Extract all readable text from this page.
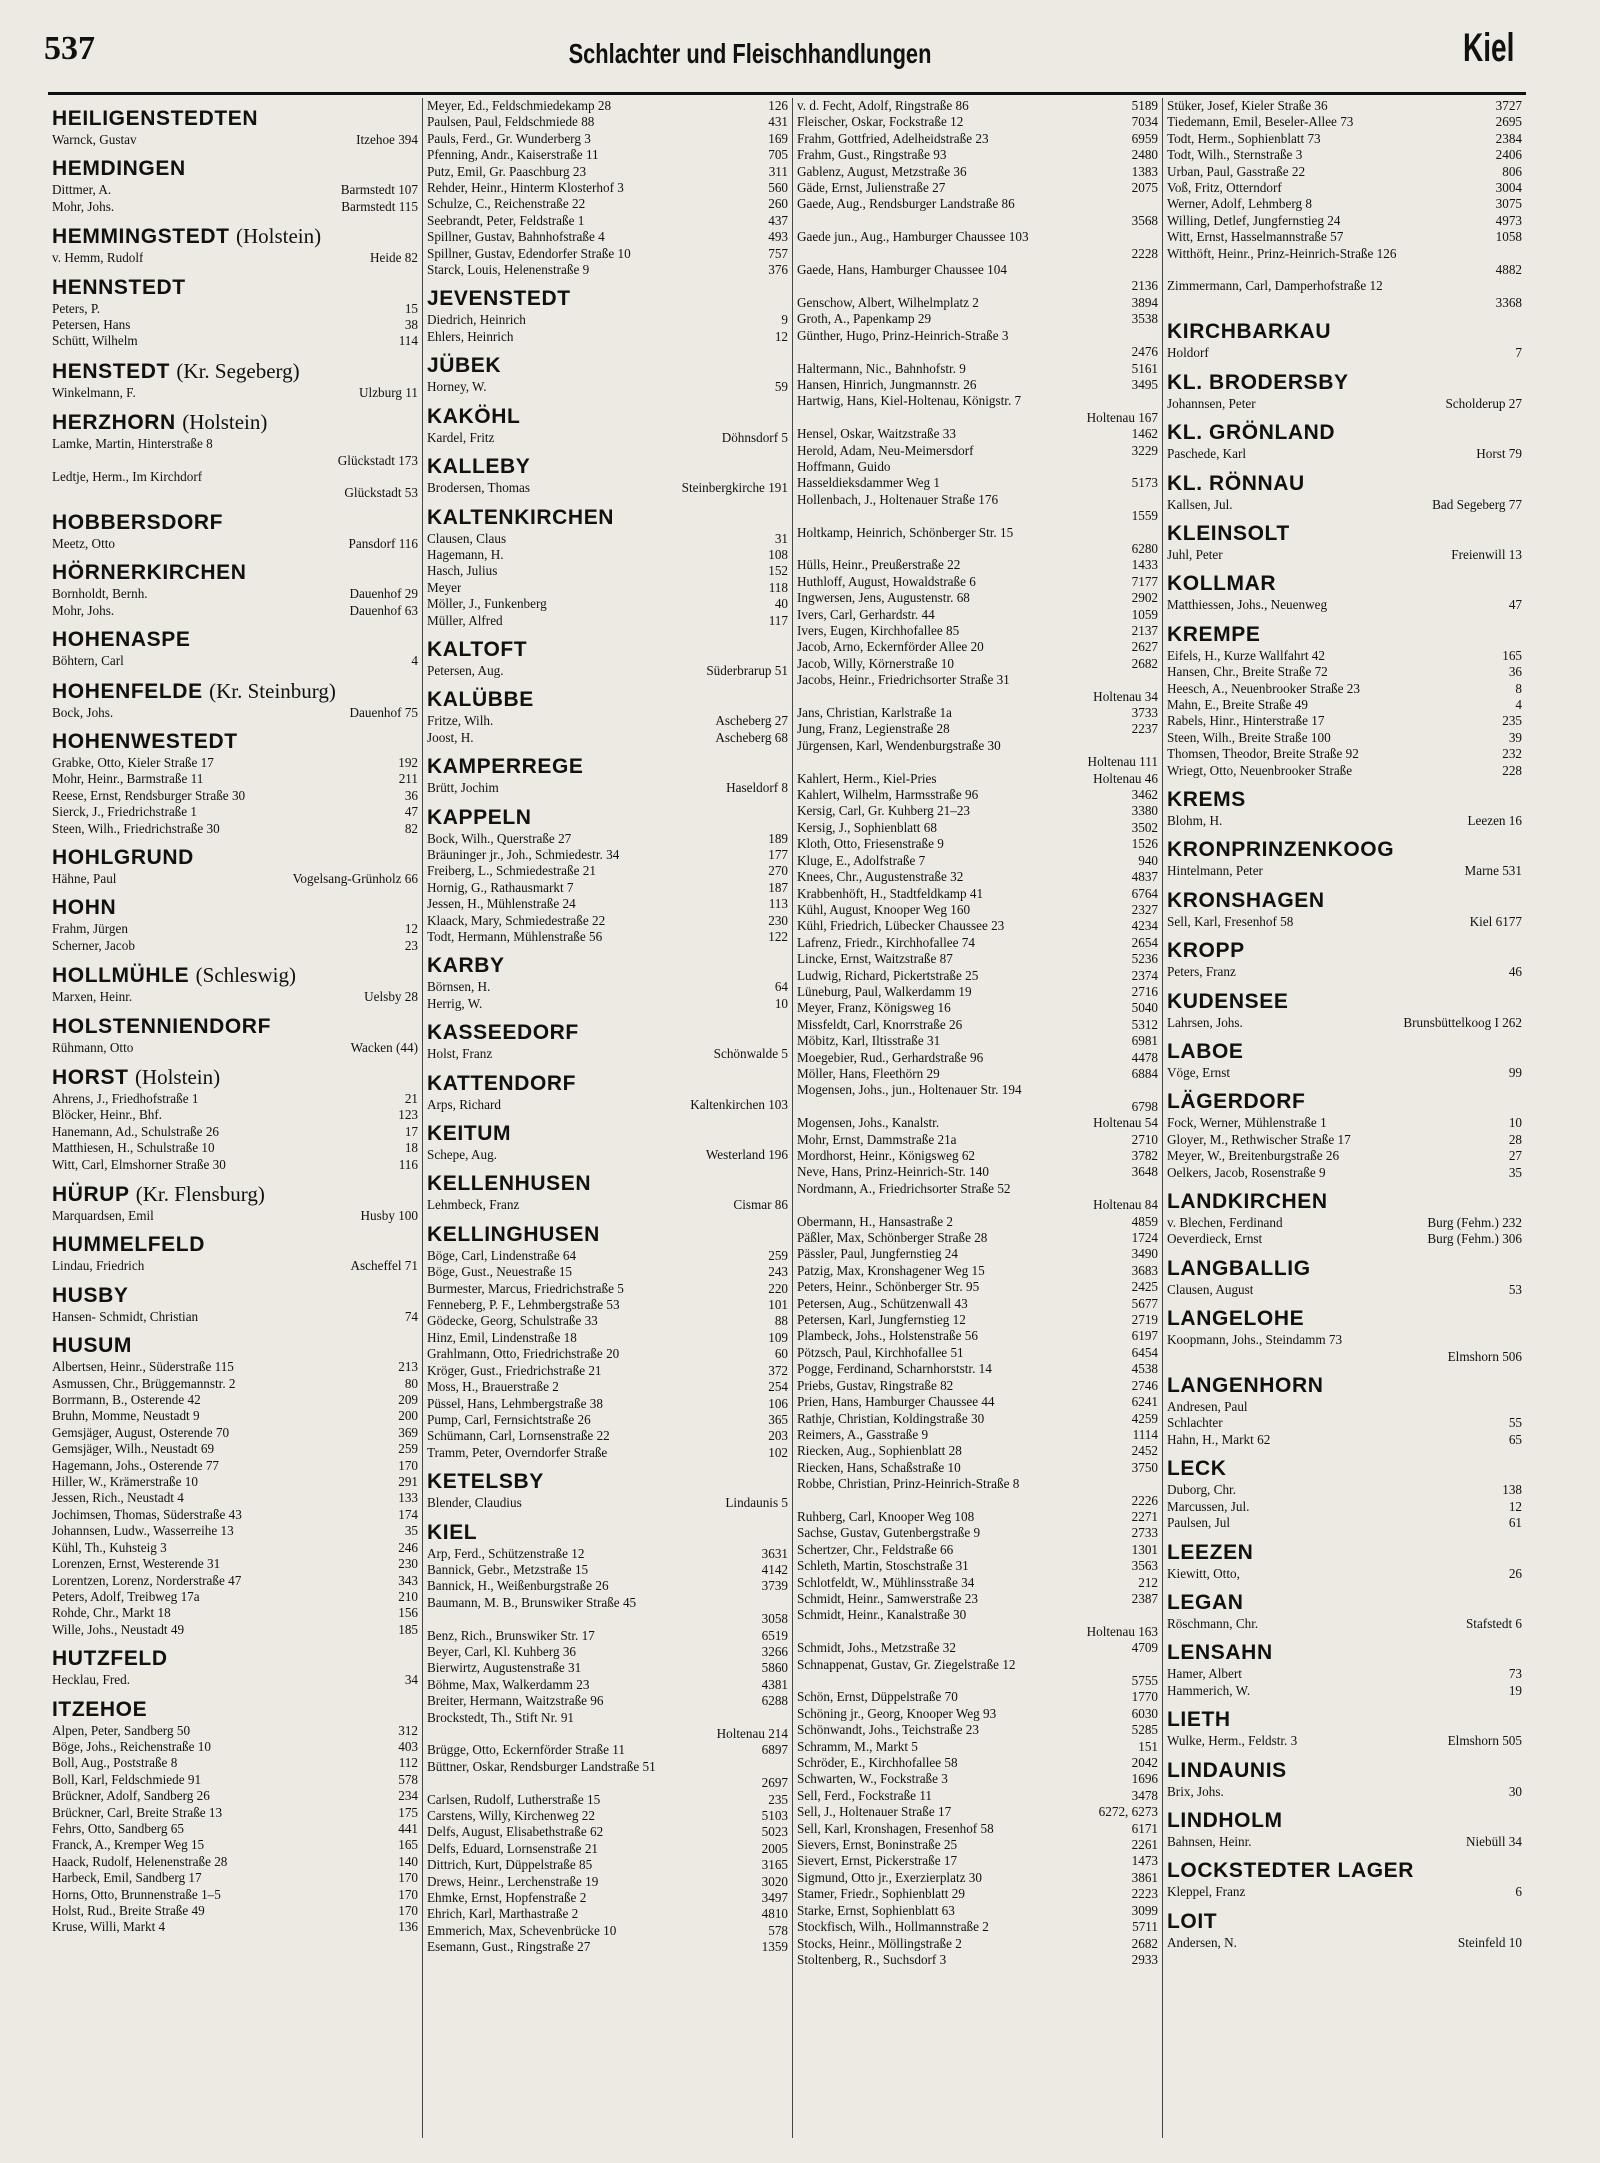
537	Schlachter und Fleischhandlungen	Kiel
HEILIGENSTEDTEN
Warnck, Gustav	Itzehoe 394
HEMDINGEN
Dittmer, A.	Barmstedt 107
Mohr, Johs.	Barmstedt 115
HEMMINGSTEDT (Holstein)
v. Hemm, Rudolf	Heide 82
HENNSTEDT
Peters, P.	15
Petersen, Hans	38
Schütt, Wilhelm	114
HENSTEDT (Kr. Segeberg)
Winkelmann, F.	Ulzburg 11
HERZHORN (Holstein)
Lamke, Martin, Hinterstraße 8
Glückstadt 173
Ledtje, Herm., Im Kirchdorf
Glückstadt 53
HOBBERSDORF
Meetz, Otto	Pansdorf 116
HÖRNERKIRCHEN
Bornholdt, Bernh.	Dauenhof 29
Mohr, Johs.	Dauenhof 63
HOHENASPE
Böhtern, Carl	4
HOHENFELDE (Kr. Steinburg)
Bock, Johs.	Dauenhof 75
HOHENWESTEDT
Grabke, Otto, Kieler Straße 17	192
Mohr, Heinr., Barmstraße 11	211
Reese, Ernst, Rendsburger Straße 30	36
Sierck, J., Friedrichstraße 1	47
Steen, Wilh., Friedrichstraße 30	82
HOHLGRUND
Hähne, Paul	Vogelsang-Grünholz 66
HOHN
Frahm, Jürgen	12
Scherner, Jacob	23
HOLLMÜHLE (Schleswig)
Marxen, Heinr.	Uelsby 28
HOLSTENNIENDORF
Rühmann, Otto	Wacken (44)
HORST (Holstein)
Ahrens, J., Friedhofstraße 1	21
Blöcker, Heinr., Bhf.	123
Hanemann, Ad., Schulstraße 26	17
Matthiesen, H., Schulstraße 10	18
Witt, Carl, Elmshorner Straße 30	116
HÜRUP (Kr. Flensburg)
Marquardsen, Emil	Husby 100
HUMMELFELD
Lindau, Friedrich	Ascheffel 71
HUSBY
Hansen- Schmidt, Christian	74
HUSUM
Albertsen, Heinr., Süderstraße 115	213
Asmussen, Chr., Brüggemannstr. 2	80
Borrmann, B., Osterende 42	209
Bruhn, Momme, Neustadt 9	200
Gemsjäger, August, Osterende 70	369
Gemsjäger, Wilh., Neustadt 69	259
Hagemann, Johs., Osterende 77	170
Hiller, W., Krämerstraße 10	291
Jessen, Rich., Neustadt 4	133
Jochimsen, Thomas, Süderstraße 43	174
Johannsen, Ludw., Wasserreihe 13	35
Kühl, Th., Kuhsteig 3	246
Lorenzen, Ernst, Westerende 31	230
Lorentzen, Lorenz, Norderstraße 47	343
Peters, Adolf, Treibweg 17a	210
Rohde, Chr., Markt 18	156
Wille, Johs., Neustadt 49	185
HUTZFELD
Hecklau, Fred.	34
ITZEHOE
Alpen, Peter, Sandberg 50	312
Böge, Johs., Reichenstraße 10	403
Boll, Aug., Poststraße 8	112
Boll, Karl, Feldschmiede 91	578
Brückner, Adolf, Sandberg 26	234
Brückner, Carl, Breite Straße 13	175
Fehrs, Otto, Sandberg 65	441
Franck, A., Kremper Weg 15	165
Haack, Rudolf, Helenenstraße 28	140
Harbeck, Emil, Sandberg 17	170
Horns, Otto, Brunnenstraße 1–5	170
Holst, Rud., Breite Straße 49	170
Kruse, Willi, Markt 4	136
Meyer, Ed., Feldschmiedekamp 28	126
Paulsen, Paul, Feldschmiede 88	431
Pauls, Ferd., Gr. Wunderberg 3	169
Pfenning, Andr., Kaiserstraße 11	705
Putz, Emil, Gr. Paaschburg 23	311
Rehder, Heinr., Hinterm Klosterhof 3	560
Schulze, C., Reichenstraße 22	260
Seebrandt, Peter, Feldstraße 1	437
Spillner, Gustav, Bahnhofstraße 4	493
Spillner, Gustav, Edendorfer Straße 10	757
Starck, Louis, Helenenstraße 9	376
JEVENSTEDT
Diedrich, Heinrich	9
Ehlers, Heinrich	12
JÜBEK
Horney, W.	59
KAKÖHL
Kardel, Fritz	Döhnsdorf 5
KALLEBY
Brodersen, Thomas	Steinbergkirche 191
KALTENKIRCHEN
Clausen, Claus	31
Hagemann, H.	108
Hasch, Julius	152
Meyer	118
Möller, J., Funkenberg	40
Müller, Alfred	117
KALTOFT
Petersen, Aug.	Süderbrarup 51
KALÜBBE
Fritze, Wilh.	Ascheberg 27
Joost, H.	Ascheberg 68
KAMPERREGE
Brütt, Jochim	Haseldorf 8
KAPPELN
Bock, Wilh., Querstraße 27	189
Bräuninger jr., Joh., Schmiedestr. 34	177
Freiberg, L., Schmiedestraße 21	270
Hornig, G., Rathausmarkt 7	187
Jessen, H., Mühlenstraße 24	113
Klaack, Mary, Schmiedestraße 22	230
Todt, Hermann, Mühlenstraße 56	122
KARBY
Börnsen, H.	64
Herrig, W.	10
KASSEEDORF
Holst, Franz	Schönwalde 5
KATTENDORF
Arps, Richard	Kaltenkirchen 103
KEITUM
Schepe, Aug.	Westerland 196
KELLENHUSEN
Lehmbeck, Franz	Cismar 86
KELLINGHUSEN
Böge, Carl, Lindenstraße 64	259
Böge, Gust., Neuestraße 15	243
Burmester, Marcus, Friedrichstraße 5	220
Fenneberg, P. F., Lehmbergstraße 53	101
Gödecke, Georg, Schulstraße 33	88
Hinz, Emil, Lindenstraße 18	109
Grahlmann, Otto, Friedrichstraße 20	60
Kröger, Gust., Friedrichstraße 21	372
Moss, H., Brauerstraße 2	254
Püssel, Hans, Lehmbergstraße 38	106
Pump, Carl, Fernsichtstraße 26	365
Schümann, Carl, Lornsenstraße 22	203
Tramm, Peter, Overndorfer Straße	102
KETELSBY
Blender, Claudius	Lindaunis 5
KIEL
Arp, Ferd., Schützenstraße 12	3631
Bannick, Gebr., Metzstraße 15	4142
Bannick, H., Weißenburgstraße 26	3739
Baumann, M. B., Brunswiker Straße 45
3058
Benz, Rich., Brunswiker Str. 17	6519
Beyer, Carl, Kl. Kuhberg 36	3266
Bierwirtz, Augustenstraße 31	5860
Böhme, Max, Walkerdamm 23	4381
Breiter, Hermann, Waitzstraße 96	6288
Brockstedt, Th., Stift Nr. 91
Holtenau 214
Brügge, Otto, Eckernförder Straße 11	6897
Büttner, Oskar, Rendsburger Landstraße 51
2697
Carlsen, Rudolf, Lutherstraße 15	235
Carstens, Willy, Kirchenweg 22	5103
Delfs, August, Elisabethstraße 62	5023
Delfs, Eduard, Lornsenstraße 21	2005
Dittrich, Kurt, Düppelstraße 85	3165
Drews, Heinr., Lerchenstraße 19	3020
Ehmke, Ernst, Hopfenstraße 2	3497
Ehrich, Karl, Marthastraße 2	4810
Emmerich, Max, Schevenbrücke 10	578
Esemann, Gust., Ringstraße 27	1359
v. d. Fecht, Adolf, Ringstraße 86	5189
Fleischer, Oskar, Fockstraße 12	7034
Frahm, Gottfried, Adelheidstraße 23	6959
Frahm, Gust., Ringstraße 93	2480
Gablenz, August, Metzstraße 36	1383
Gäde, Ernst, Julienstraße 27	2075
Gaede, Aug., Rendsburger Landstraße 86
3568
Gaede jun., Aug., Hamburger Chaussee 103
2228
Gaede, Hans, Hamburger Chaussee 104
2136
Genschow, Albert, Wilhelmplatz 2	3894
Groth, A., Papenkamp 29	3538
Günther, Hugo, Prinz-Heinrich-Straße 3
2476
Haltermann, Nic., Bahnhofstr. 9	5161
Hansen, Hinrich, Jungmannstr. 26	3495
Hartwig, Hans, Kiel-Holtenau, Königstr. 7
Holtenau 167
Hensel, Oskar, Waitzstraße 33	1462
Herold, Adam, Neu-Meimersdorf	3229
Hoffmann, Guido
Hasseldieksdammer Weg 1	5173
Hollenbach, J., Holtenauer Straße 176
1559
Holtkamp, Heinrich, Schönberger Str. 15
6280
Hülls, Heinr., Preußerstraße 22	1433
Huthloff, August, Howaldstraße 6	7177
Ingwersen, Jens, Augustenstr. 68	2902
Ivers, Carl, Gerhardstr. 44	1059
Ivers, Eugen, Kirchhofallee 85	2137
Jacob, Arno, Eckernförder Allee 20	2627
Jacob, Willy, Körnerstraße 10	2682
Jacobs, Heinr., Friedrichsorter Straße 31
Holtenau 34
Jans, Christian, Karlstraße 1a	3733
Jung, Franz, Legienstraße 28	2237
Jürgensen, Karl, Wendenburgstraße 30
Holtenau 111
Kahlert, Herm., Kiel-Pries	Holtenau 46
Kahlert, Wilhelm, Harmsstraße 96	3462
Kersig, Carl, Gr. Kuhberg 21–23	3380
Kersig, J., Sophienblatt 68	3502
Kloth, Otto, Friesenstraße 9	1526
Kluge, E., Adolfstraße 7	940
Knees, Chr., Augustenstraße 32	4837
Krabbenhöft, H., Stadtfeldkamp 41	6764
Kühl, August, Knooper Weg 160	2327
Kühl, Friedrich, Lübecker Chaussee 23	4234
Lafrenz, Friedr., Kirchhofallee 74	2654
Lincke, Ernst, Waitzstraße 87	5236
Ludwig, Richard, Pickertstraße 25	2374
Lüneburg, Paul, Walkerdamm 19	2716
Meyer, Franz, Königsweg 16	5040
Missfeldt, Carl, Knorrstraße 26	5312
Möbitz, Karl, Iltisstraße 31	6981
Moegebier, Rud., Gerhardstraße 96	4478
Möller, Hans, Fleethörn 29	6884
Mogensen, Johs., jun., Holtenauer Str. 194
6798
Mogensen, Johs., Kanalstr.	Holtenau 54
Mohr, Ernst, Dammstraße 21a	2710
Mordhorst, Heinr., Königsweg 62	3782
Neve, Hans, Prinz-Heinrich-Str. 140	3648
Nordmann, A., Friedrichsorter Straße 52
Holtenau 84
Obermann, H., Hansastraße 2	4859
Päßler, Max, Schönberger Straße 28	1724
Pässler, Paul, Jungfernstieg 24	3490
Patzig, Max, Kronshagener Weg 15	3683
Peters, Heinr., Schönberger Str. 95	2425
Petersen, Aug., Schützenwall 43	5677
Petersen, Karl, Jungfernstieg 12	2719
Plambeck, Johs., Holstenstraße 56	6197
Pötzsch, Paul, Kirchhofallee 51	6454
Pogge, Ferdinand, Scharnhorststr. 14	4538
Priebs, Gustav, Ringstraße 82	2746
Prien, Hans, Hamburger Chaussee 44	6241
Rathje, Christian, Koldingstraße 30	4259
Reimers, A., Gasstraße 9	1114
Riecken, Aug., Sophienblatt 28	2452
Riecken, Hans, Schaßstraße 10	3750
Robbe, Christian, Prinz-Heinrich-Straße 8
2226
Ruhberg, Carl, Knooper Weg 108	2271
Sachse, Gustav, Gutenbergstraße 9	2733
Schertzer, Chr., Feldstraße 66	1301
Schleth, Martin, Stoschstraße 31	3563
Schlotfeldt, W., Mühlinsstraße 34	212
Schmidt, Heinr., Samwerstraße 23	2387
Schmidt, Heinr., Kanalstraße 30
Holtenau 163
Schmidt, Johs., Metzstraße 32	4709
Schnappenat, Gustav, Gr. Ziegelstraße 12
5755
Schön, Ernst, Düppelstraße 70	1770
Schöning jr., Georg, Knooper Weg 93	6030
Schönwandt, Johs., Teichstraße 23	5285
Schramm, M., Markt 5	151
Schröder, E., Kirchhofallee 58	2042
Schwarten, W., Fockstraße 3	1696
Sell, Ferd., Fockstraße 11	3478
Sell, J., Holtenauer Straße 17	6272, 6273
Sell, Karl, Kronshagen, Fresenhof 58	6171
Sievers, Ernst, Boninstraße 25	2261
Sievert, Ernst, Pickerstraße 17	1473
Sigmund, Otto jr., Exerzierplatz 30	3861
Stamer, Friedr., Sophienblatt 29	2223
Starke, Ernst, Sophienblatt 63	3099
Stockfisch, Wilh., Hollmannstraße 2	5711
Stocks, Heinr., Möllingstraße 2	2682
Stoltenberg, R., Suchsdorf 3	2933
Stüker, Josef, Kieler Straße 36	3727
Tiedemann, Emil, Beseler-Allee 73	2695
Todt, Herm., Sophienblatt 73	2384
Todt, Wilh., Sternstraße 3	2406
Urban, Paul, Gasstraße 22	806
Voß, Fritz, Otterndorf	3004
Werner, Adolf, Lehmberg 8	3075
Willing, Detlef, Jungfernstieg 24	4973
Witt, Ernst, Hasselmannstraße 57	1058
Witthöft, Heinr., Prinz-Heinrich-Straße 126
4882
Zimmermann, Carl, Damperhofstraße 12
3368
KIRCHBARKAU
Holdorf	7
KL. BRODERSBY
Johannsen, Peter	Scholderup 27
KL. GRÖNLAND
Paschede, Karl	Horst 79
KL. RÖNNAU
Kallsen, Jul.	Bad Segeberg 77
KLEINSOLT
Juhl, Peter	Freienwill 13
KOLLMAR
Matthiessen, Johs., Neuenweg	47
KREMPE
Eifels, H., Kurze Wallfahrt 42	165
Hansen, Chr., Breite Straße 72	36
Heesch, A., Neuenbrooker Straße 23	8
Mahn, E., Breite Straße 49	4
Rabels, Hinr., Hinterstraße 17	235
Steen, Wilh., Breite Straße 100	39
Thomsen, Theodor, Breite Straße 92	232
Wriegt, Otto, Neuenbrooker Straße	228
KREMS
Blohm, H.	Leezen 16
KRONPRINZENKOOG
Hintelmann, Peter	Marne 531
KRONSHAGEN
Sell, Karl, Fresenhof 58	Kiel 6177
KROPP
Peters, Franz	46
KUDENSEE
Lahrsen, Johs.	Brunsbüttelkoog I 262
LABOE
Vöge, Ernst	99
LÄGERDORF
Fock, Werner, Mühlenstraße 1	10
Gloyer, M., Rethwischer Straße 17	28
Meyer, W., Breitenburgstraße 26	27
Oelkers, Jacob, Rosenstraße 9	35
LANDKIRCHEN
v. Blechen, Ferdinand	Burg (Fehm.) 232
Oeverdieck, Ernst	Burg (Fehm.) 306
LANGBALLIG
Clausen, August	53
LANGELOHE
Koopmann, Johs., Steindamm 73
Elmshorn 506
LANGENHORN
Andresen, Paul
Schlachter	55
Hahn, H., Markt 62	65
LECK
Duborg, Chr.	138
Marcussen, Jul.	12
Paulsen, Jul	61
LEEZEN
Kiewitt, Otto,	26
LEGAN
Röschmann, Chr.	Stafstedt 6
LENSAHN
Hamer, Albert	73
Hammerich, W.	19
LIETH
Wulke, Herm., Feldstr. 3	Elmshorn 505
LINDAUNIS
Brix, Johs.	30
LINDHOLM
Bahnsen, Heinr.	Niebüll 34
LOCKSTEDTER LAGER
Kleppel, Franz	6
LOIT
Andersen, N.	Steinfeld 10
